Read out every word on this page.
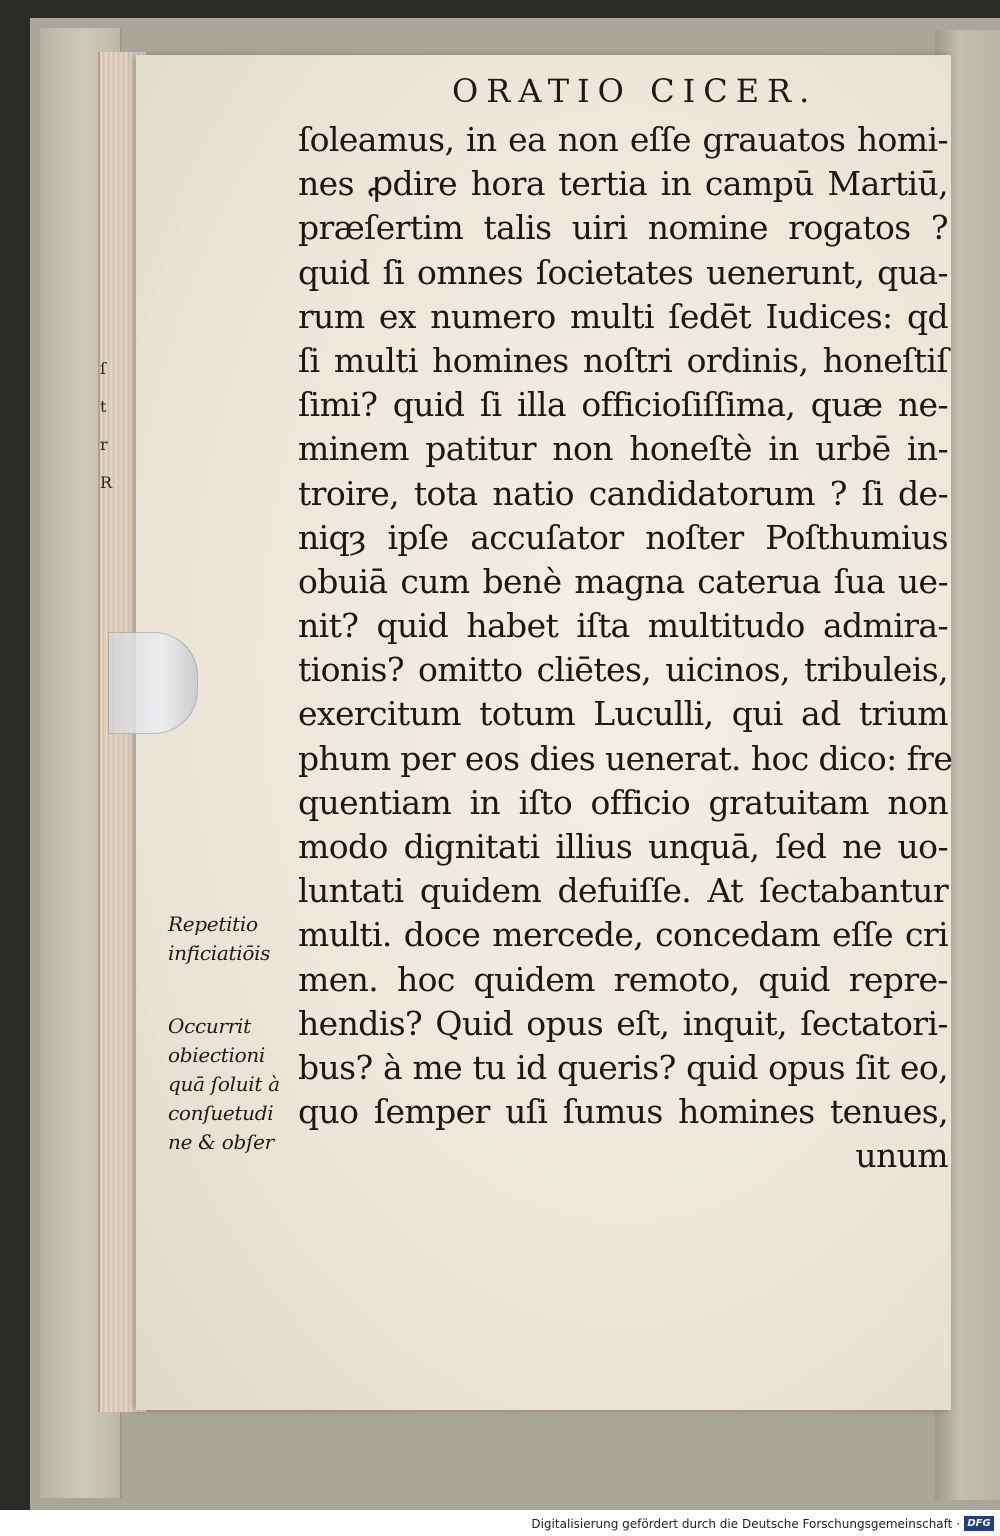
ſ
t
r
R
ORATIO CICER.
ſoleamus, in ea non eſſe grauatos homi-
nes ꝓdire hora tertia in campū Martiū,
præſertim talis uiri nomine rogatos ?
quid ſi omnes ſocietates uenerunt, qua-
rum ex numero multi ſedēt Iudices: qd
ſi multi homines noſtri ordinis, honeſtiſ
ſimi? quid ſi illa officioſiſſima, quæ ne-
minem patitur non honeſtè in urbē in-
troire, tota natio candidatorum ? ſi de-
niqȝ ipſe accuſator noſter Poſthumius
obuiā cum benè magna caterua ſua ue-
nit? quid habet iſta multitudo admira-
tionis? omitto cliētes, uicinos, tribuleis,
exercitum totum Luculli, qui ad trium
phum per eos dies uenerat. hoc dico: fre
quentiam in iſto officio gratuitam non
modo dignitati illius unquā, ſed ne uo-
luntati quidem defuiſſe. At ſectabantur
multi. doce mercede, concedam eſſe cri
men. hoc quidem remoto, quid repre-
hendis? Quid opus eſt, inquit, ſectatori-
bus? à me tu id queris? quid opus ſit eo,
quo ſemper uſi ſumus homines tenues,
unum
Repetitio
inficiatiōis
Occurrit
obiectioni
quā ſoluit à
conſuetudi
ne & obſer
Digitalisierung gefördert durch die Deutsche Forschungsgemeinschaft · DFG
